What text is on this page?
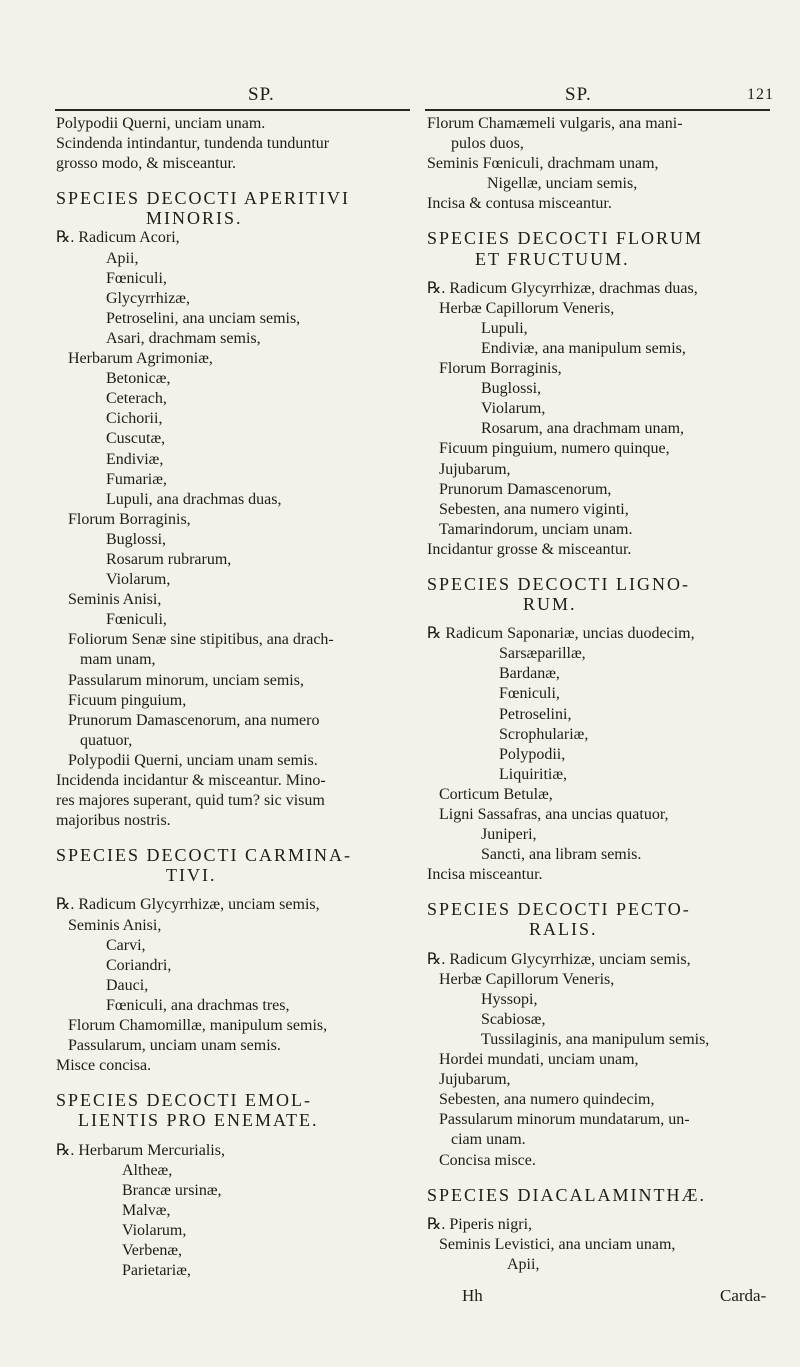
SP.	SP.	121
Polypodii Querni, unciam unam.
Scindenda intindantur, tundenda tunduntur
grosso modo, & misceantur.
SPECIES DECOCTI APERITIVI
MINORIS.
℞. Radicum Acori,
Apii,
Fœniculi,
Glycyrrhizæ,
Petroselini, ana unciam semis,
Asari, drachmam semis,
Herbarum Agrimoniæ,
Betonicæ,
Ceterach,
Cichorii,
Cuscutæ,
Endiviæ,
Fumariæ,
Lupuli, ana drachmas duas,
Florum Borraginis,
Buglossi,
Rosarum rubrarum,
Violarum,
Seminis Anisi,
Fœniculi,
Foliorum Senæ sine stipitibus, ana drach-
mam unam,
Passularum minorum, unciam semis,
Ficuum pinguium,
Prunorum Damascenorum, ana numero
quatuor,
Polypodii Querni, unciam unam semis.
Incidenda incidantur & misceantur. Mino-
res majores superant, quid tum? sic visum
majoribus nostris.
SPECIES DECOCTI CARMINA-
TIVI.
℞. Radicum Glycyrrhizæ, unciam semis,
Seminis Anisi,
Carvi,
Coriandri,
Dauci,
Fœniculi, ana drachmas tres,
Florum Chamomillæ, manipulum semis,
Passularum, unciam unam semis.
Misce concisa.
SPECIES DECOCTI EMOL-
LIENTIS PRO ENEMATE.
℞. Herbarum Mercurialis,
Altheæ,
Brancæ ursinæ,
Malvæ,
Violarum,
Verbenæ,
Parietariæ,
Florum Chamæmeli vulgaris, ana mani-
pulos duos,
Seminis Fœniculi, drachmam unam,
Nigellæ, unciam semis,
Incisa & contusa misceantur.
SPECIES DECOCTI FLORUM
ET FRUCTUUM.
℞. Radicum Glycyrrhizæ, drachmas duas,
Herbæ Capillorum Veneris,
Lupuli,
Endiviæ, ana manipulum semis,
Florum Borraginis,
Buglossi,
Violarum,
Rosarum, ana drachmam unam,
Ficuum pinguium, numero quinque,
Jujubarum,
Prunorum Damascenorum,
Sebesten, ana numero viginti,
Tamarindorum, unciam unam.
Incidantur grosse & misceantur.
SPECIES DECOCTI LIGNO-
RUM.
℞ Radicum Saponariæ, uncias duodecim,
Sarsæparillæ,
Bardanæ,
Fœniculi,
Petroselini,
Scrophulariæ,
Polypodii,
Liquiritiæ,
Corticum Betulæ,
Ligni Sassafras, ana uncias quatuor,
Juniperi,
Sancti, ana libram semis.
Incisa misceantur.
SPECIES DECOCTI PECTO-
RALIS.
℞. Radicum Glycyrrhizæ, unciam semis,
Herbæ Capillorum Veneris,
Hyssopi,
Scabiosæ,
Tussilaginis, ana manipulum semis,
Hordei mundati, unciam unam,
Jujubarum,
Sebesten, ana numero quindecim,
Passularum minorum mundatarum, un-
ciam unam.
Concisa misce.
SPECIES DIACALAMINTHÆ.
℞. Piperis nigri,
Seminis Levistici, ana unciam unam,
Apii,
Hh	Carda-
